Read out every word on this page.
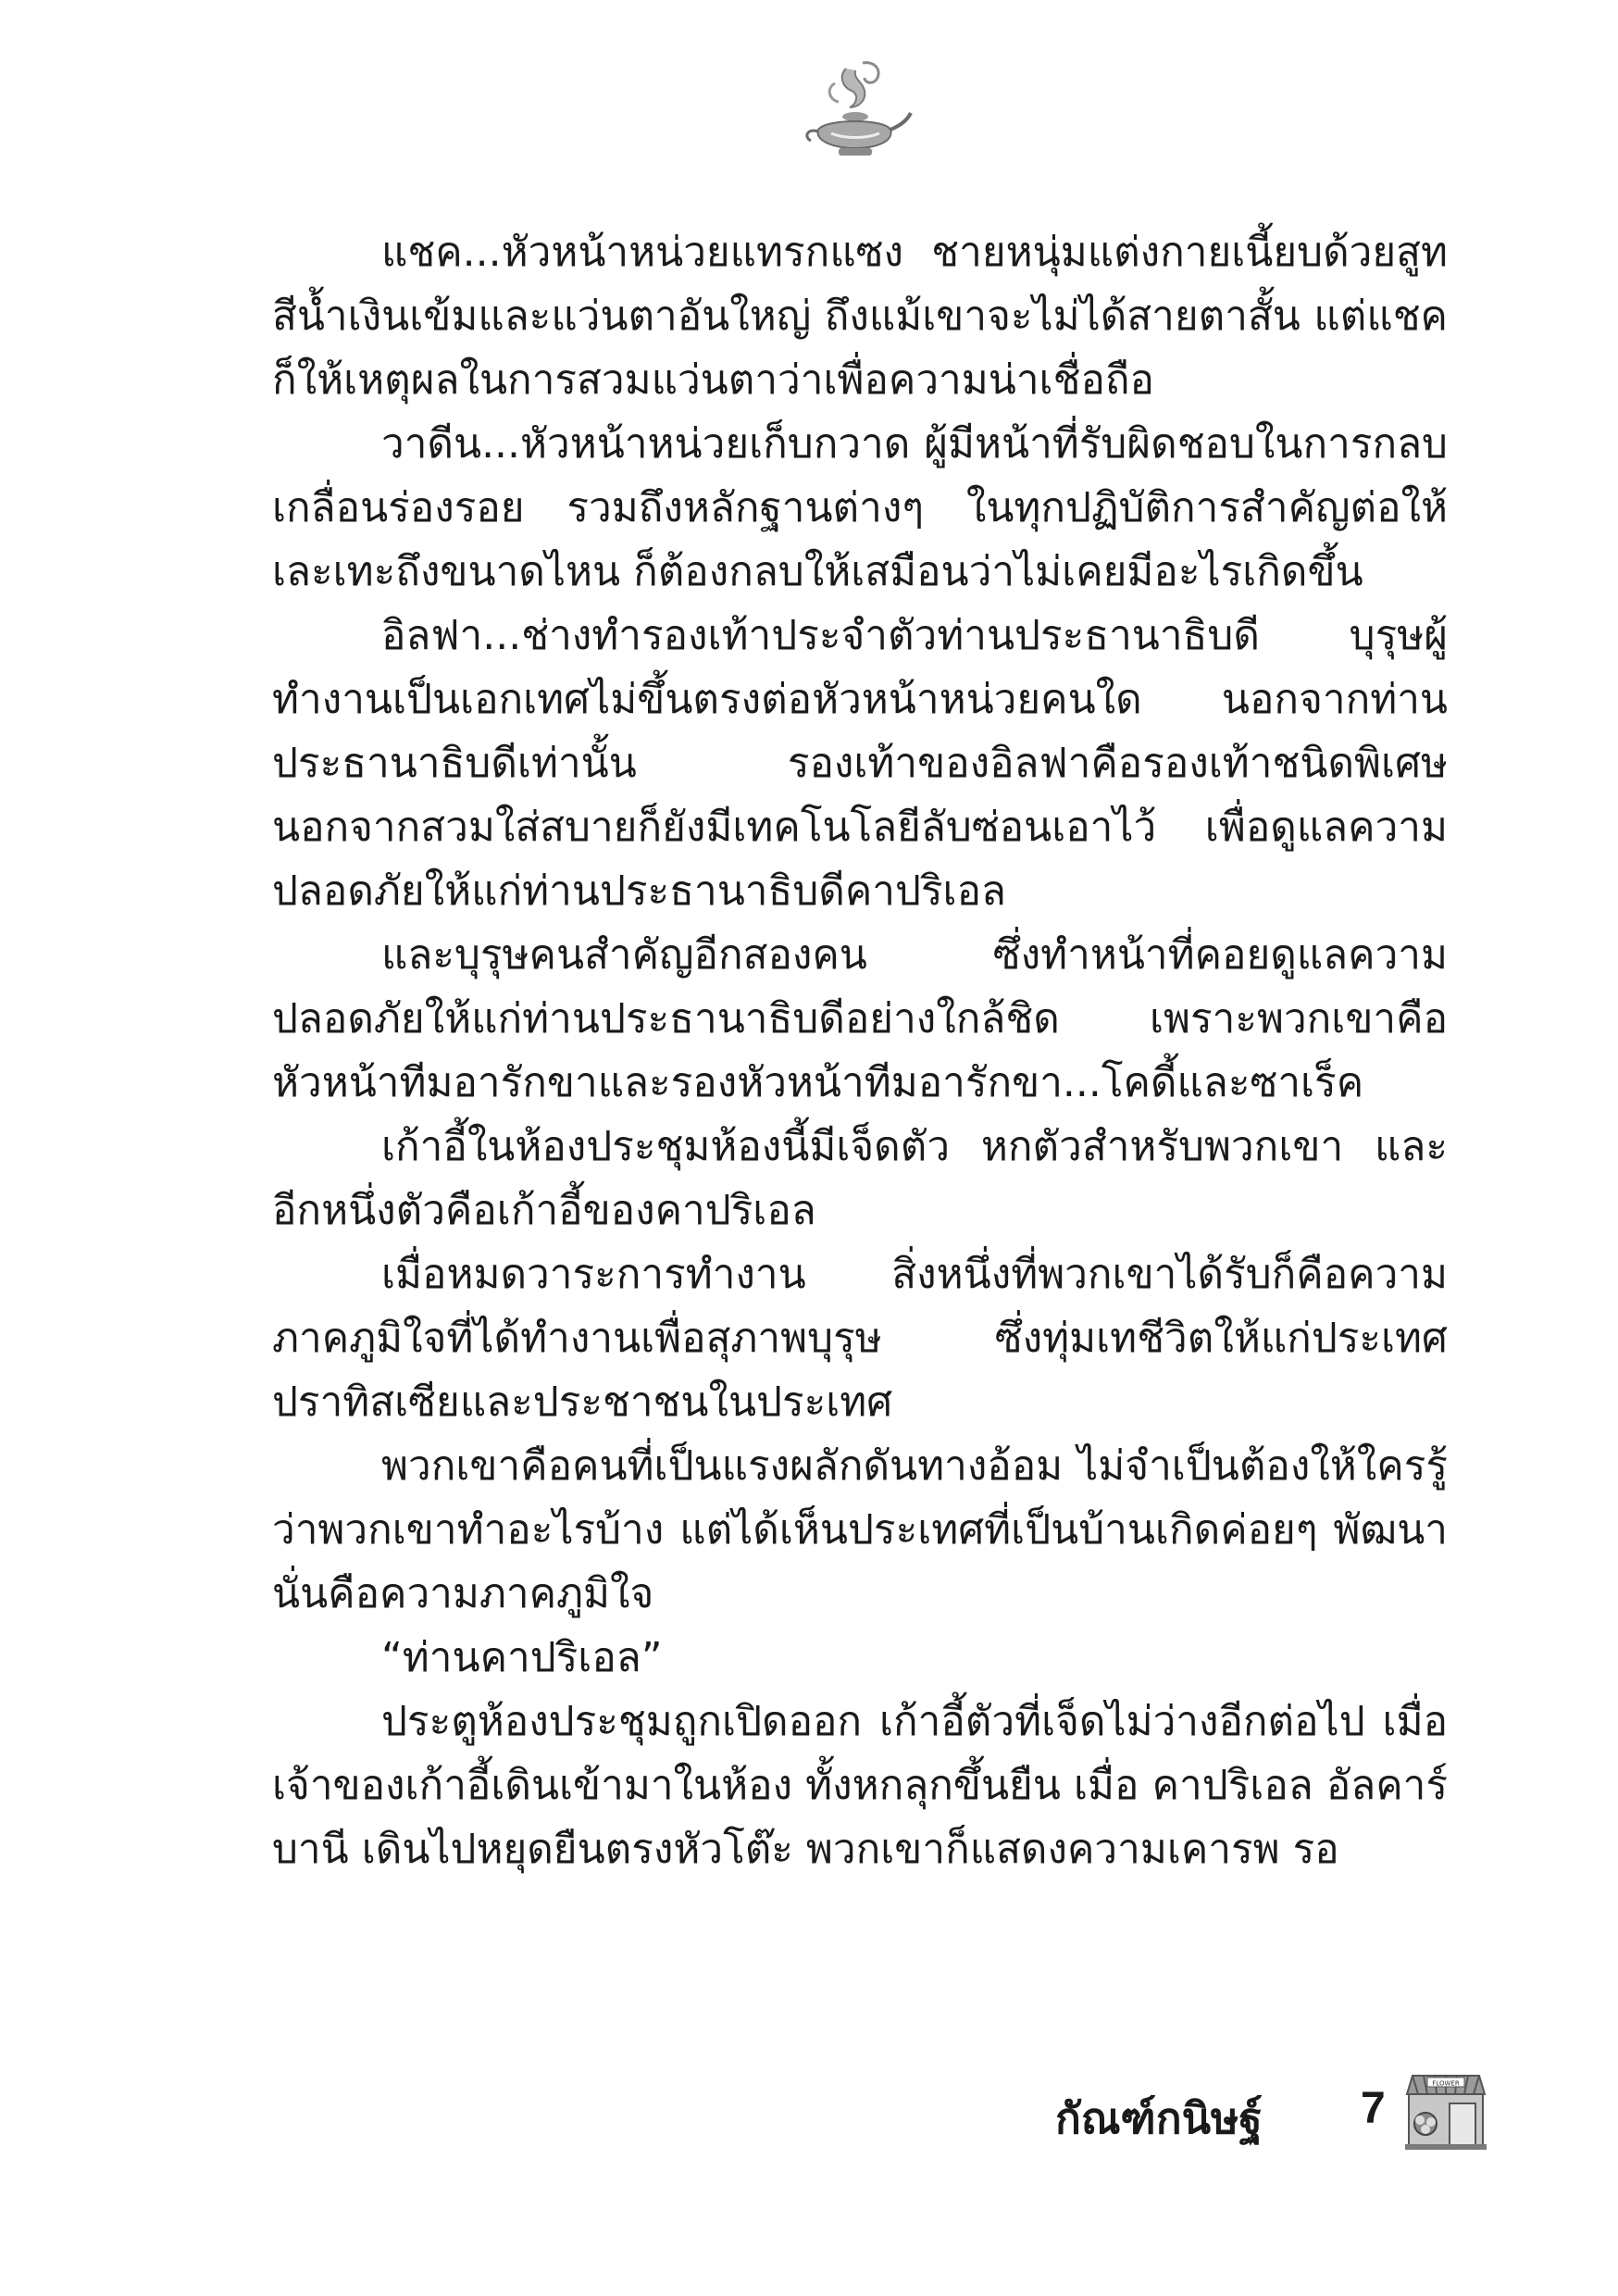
แชค...หัวหน้าหน่วยแทรกแซง ชายหนุ่มแต่งกายเนี้ยบด้วยสูทสีน้ำเงินเข้มและแว่นตาอันใหญ่ ถึงแม้เขาจะไม่ได้สายตาสั้น แต่แชคก็ให้เหตุผลในการสวมแว่นตาว่าเพื่อความน่าเชื่อถือ

วาดีน...หัวหน้าหน่วยเก็บกวาด ผู้มีหน้าที่รับผิดชอบในการกลบเกลื่อนร่องรอย รวมถึงหลักฐานต่างๆ ในทุกปฏิบัติการสำคัญต่อให้เละเทะถึงขนาดไหน ก็ต้องกลบให้เสมือนว่าไม่เคยมีอะไรเกิดขึ้น

อิลฟา...ช่างทำรองเท้าประจำตัวท่านประธานาธิบดี บุรุษผู้ทำงานเป็นเอกเทศไม่ขึ้นตรงต่อหัวหน้าหน่วยคนใด นอกจากท่านประธานาธิบดีเท่านั้น รองเท้าของอิลฟาคือรองเท้าชนิดพิเศษ นอกจากสวมใส่สบายก็ยังมีเทคโนโลยีลับซ่อนเอาไว้ เพื่อดูแลความปลอดภัยให้แก่ท่านประธานาธิบดีคาปริเอล

และบุรุษคนสำคัญอีกสองคน ซึ่งทำหน้าที่คอยดูแลความปลอดภัยให้แก่ท่านประธานาธิบดีอย่างใกล้ชิด เพราะพวกเขาคือหัวหน้าทีมอารักขาและรองหัวหน้าทีมอารักขา...โคดี้และซาเร็ค

เก้าอี้ในห้องประชุมห้องนี้มีเจ็ดตัว หกตัวสำหรับพวกเขา และอีกหนึ่งตัวคือเก้าอี้ของคาปริเอล

เมื่อหมดวาระการทำงาน สิ่งหนึ่งที่พวกเขาได้รับก็คือความภาคภูมิใจที่ได้ทำงานเพื่อสุภาพบุรุษ ซึ่งทุ่มเทชีวิตให้แก่ประเทศปราทิสเซียและประชาชนในประเทศ

พวกเขาคือคนที่เป็นแรงผลักดันทางอ้อม ไม่จำเป็นต้องให้ใครรู้ว่าพวกเขาทำอะไรบ้าง แต่ได้เห็นประเทศที่เป็นบ้านเกิดค่อยๆ พัฒนานั่นคือความภาคภูมิใจ

“ท่านคาปริเอล”

ประตูห้องประชุมถูกเปิดออก เก้าอี้ตัวที่เจ็ดไม่ว่างอีกต่อไป เมื่อเจ้าของเก้าอี้เดินเข้ามาในห้อง ทั้งหกลุกขึ้นยืน เมื่อ คาปริเอล อัลคาร์บานี เดินไปหยุดยืนตรงหัวโต๊ะ พวกเขาก็แสดงความเคารพ รอ

กัณฑ์กนิษฐ์ 7
FLOWER
